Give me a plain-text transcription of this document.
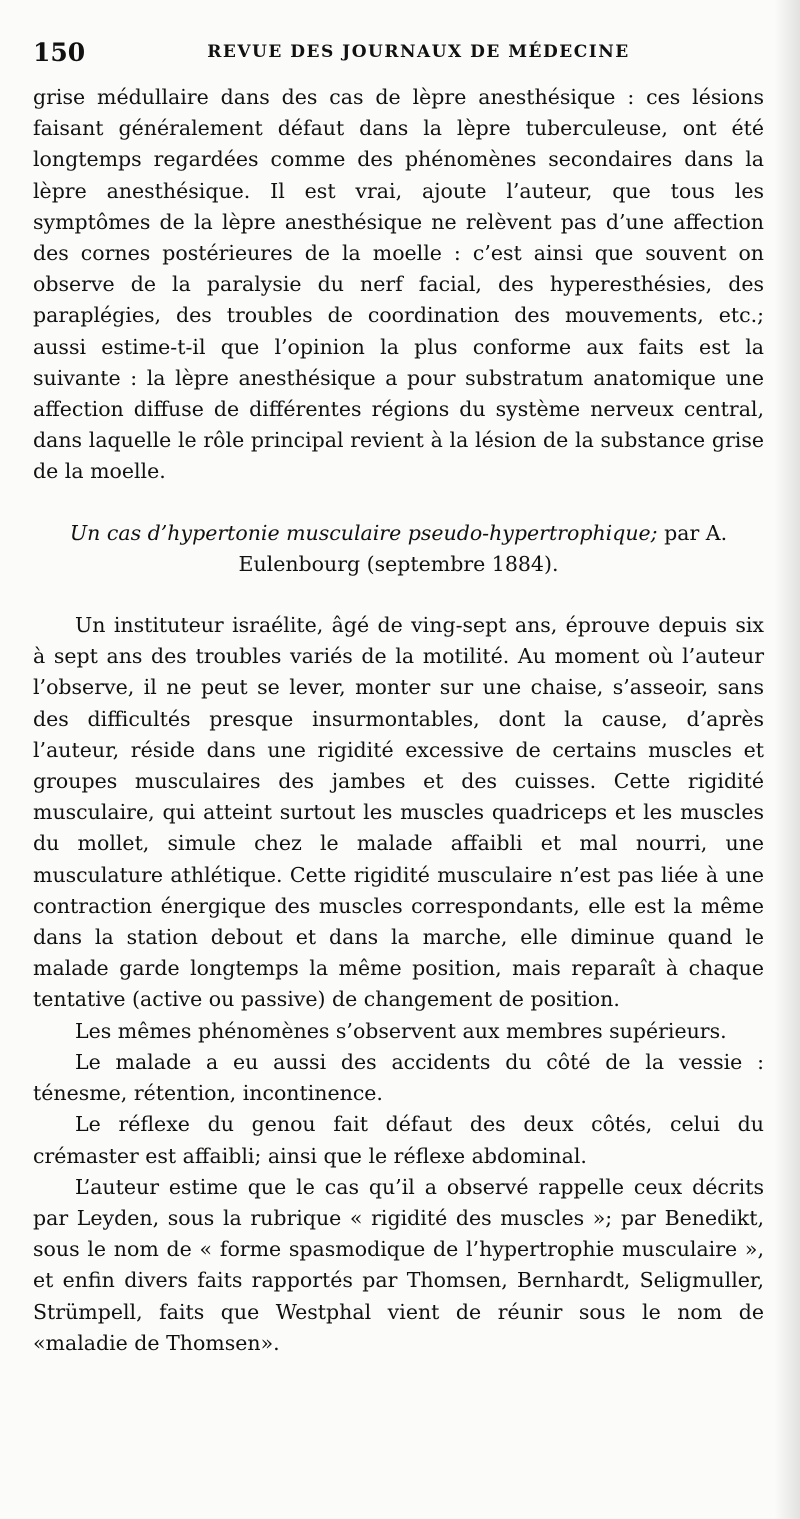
150	REVUE DES JOURNAUX DE MÉDECINE

grise médullaire dans des cas de lèpre anesthésique : ces lésions faisant généralement défaut dans la lèpre tuberculeuse, ont été longtemps regardées comme des phénomènes secondaires dans la lèpre anesthésique. Il est vrai, ajoute l’auteur, que tous les symptômes de la lèpre anesthésique ne relèvent pas d’une affection des cornes postérieures de la moelle : c’est ainsi que souvent on observe de la paralysie du nerf facial, des hyperesthésies, des paraplégies, des troubles de coordination des mouvements, etc.; aussi estime-t-il que l’opinion la plus conforme aux faits est la suivante : la lèpre anesthésique a pour substratum anatomique une affection diffuse de différentes régions du système nerveux central, dans laquelle le rôle principal revient à la lésion de la substance grise de la moelle.

Un cas d’hypertonie musculaire pseudo-hypertrophique; par A. Eulenbourg (septembre 1884).

Un instituteur israélite, âgé de ving-sept ans, éprouve depuis six à sept ans des troubles variés de la motilité. Au moment où l’auteur l’observe, il ne peut se lever, monter sur une chaise, s’asseoir, sans des difficultés presque insurmontables, dont la cause, d’après l’auteur, réside dans une rigidité excessive de certains muscles et groupes musculaires des jambes et des cuisses. Cette rigidité musculaire, qui atteint surtout les muscles quadriceps et les muscles du mollet, simule chez le malade affaibli et mal nourri, une musculature athlétique. Cette rigidité musculaire n’est pas liée à une contraction énergique des muscles correspondants, elle est la même dans la station debout et dans la marche, elle diminue quand le malade garde longtemps la même position, mais reparaît à chaque tentative (active ou passive) de changement de position.

Les mêmes phénomènes s’observent aux membres supérieurs.

Le malade a eu aussi des accidents du côté de la vessie : ténesme, rétention, incontinence.

Le réflexe du genou fait défaut des deux côtés, celui du crémaster est affaibli; ainsi que le réflexe abdominal.

L’auteur estime que le cas qu’il a observé rappelle ceux décrits par Leyden, sous la rubrique « rigidité des muscles »; par Benedikt, sous le nom de « forme spasmodique de l’hypertrophie musculaire », et enfin divers faits rapportés par Thomsen, Bernhardt, Seligmuller, Strümpell, faits que Westphal vient de réunir sous le nom de «maladie de Thomsen».
